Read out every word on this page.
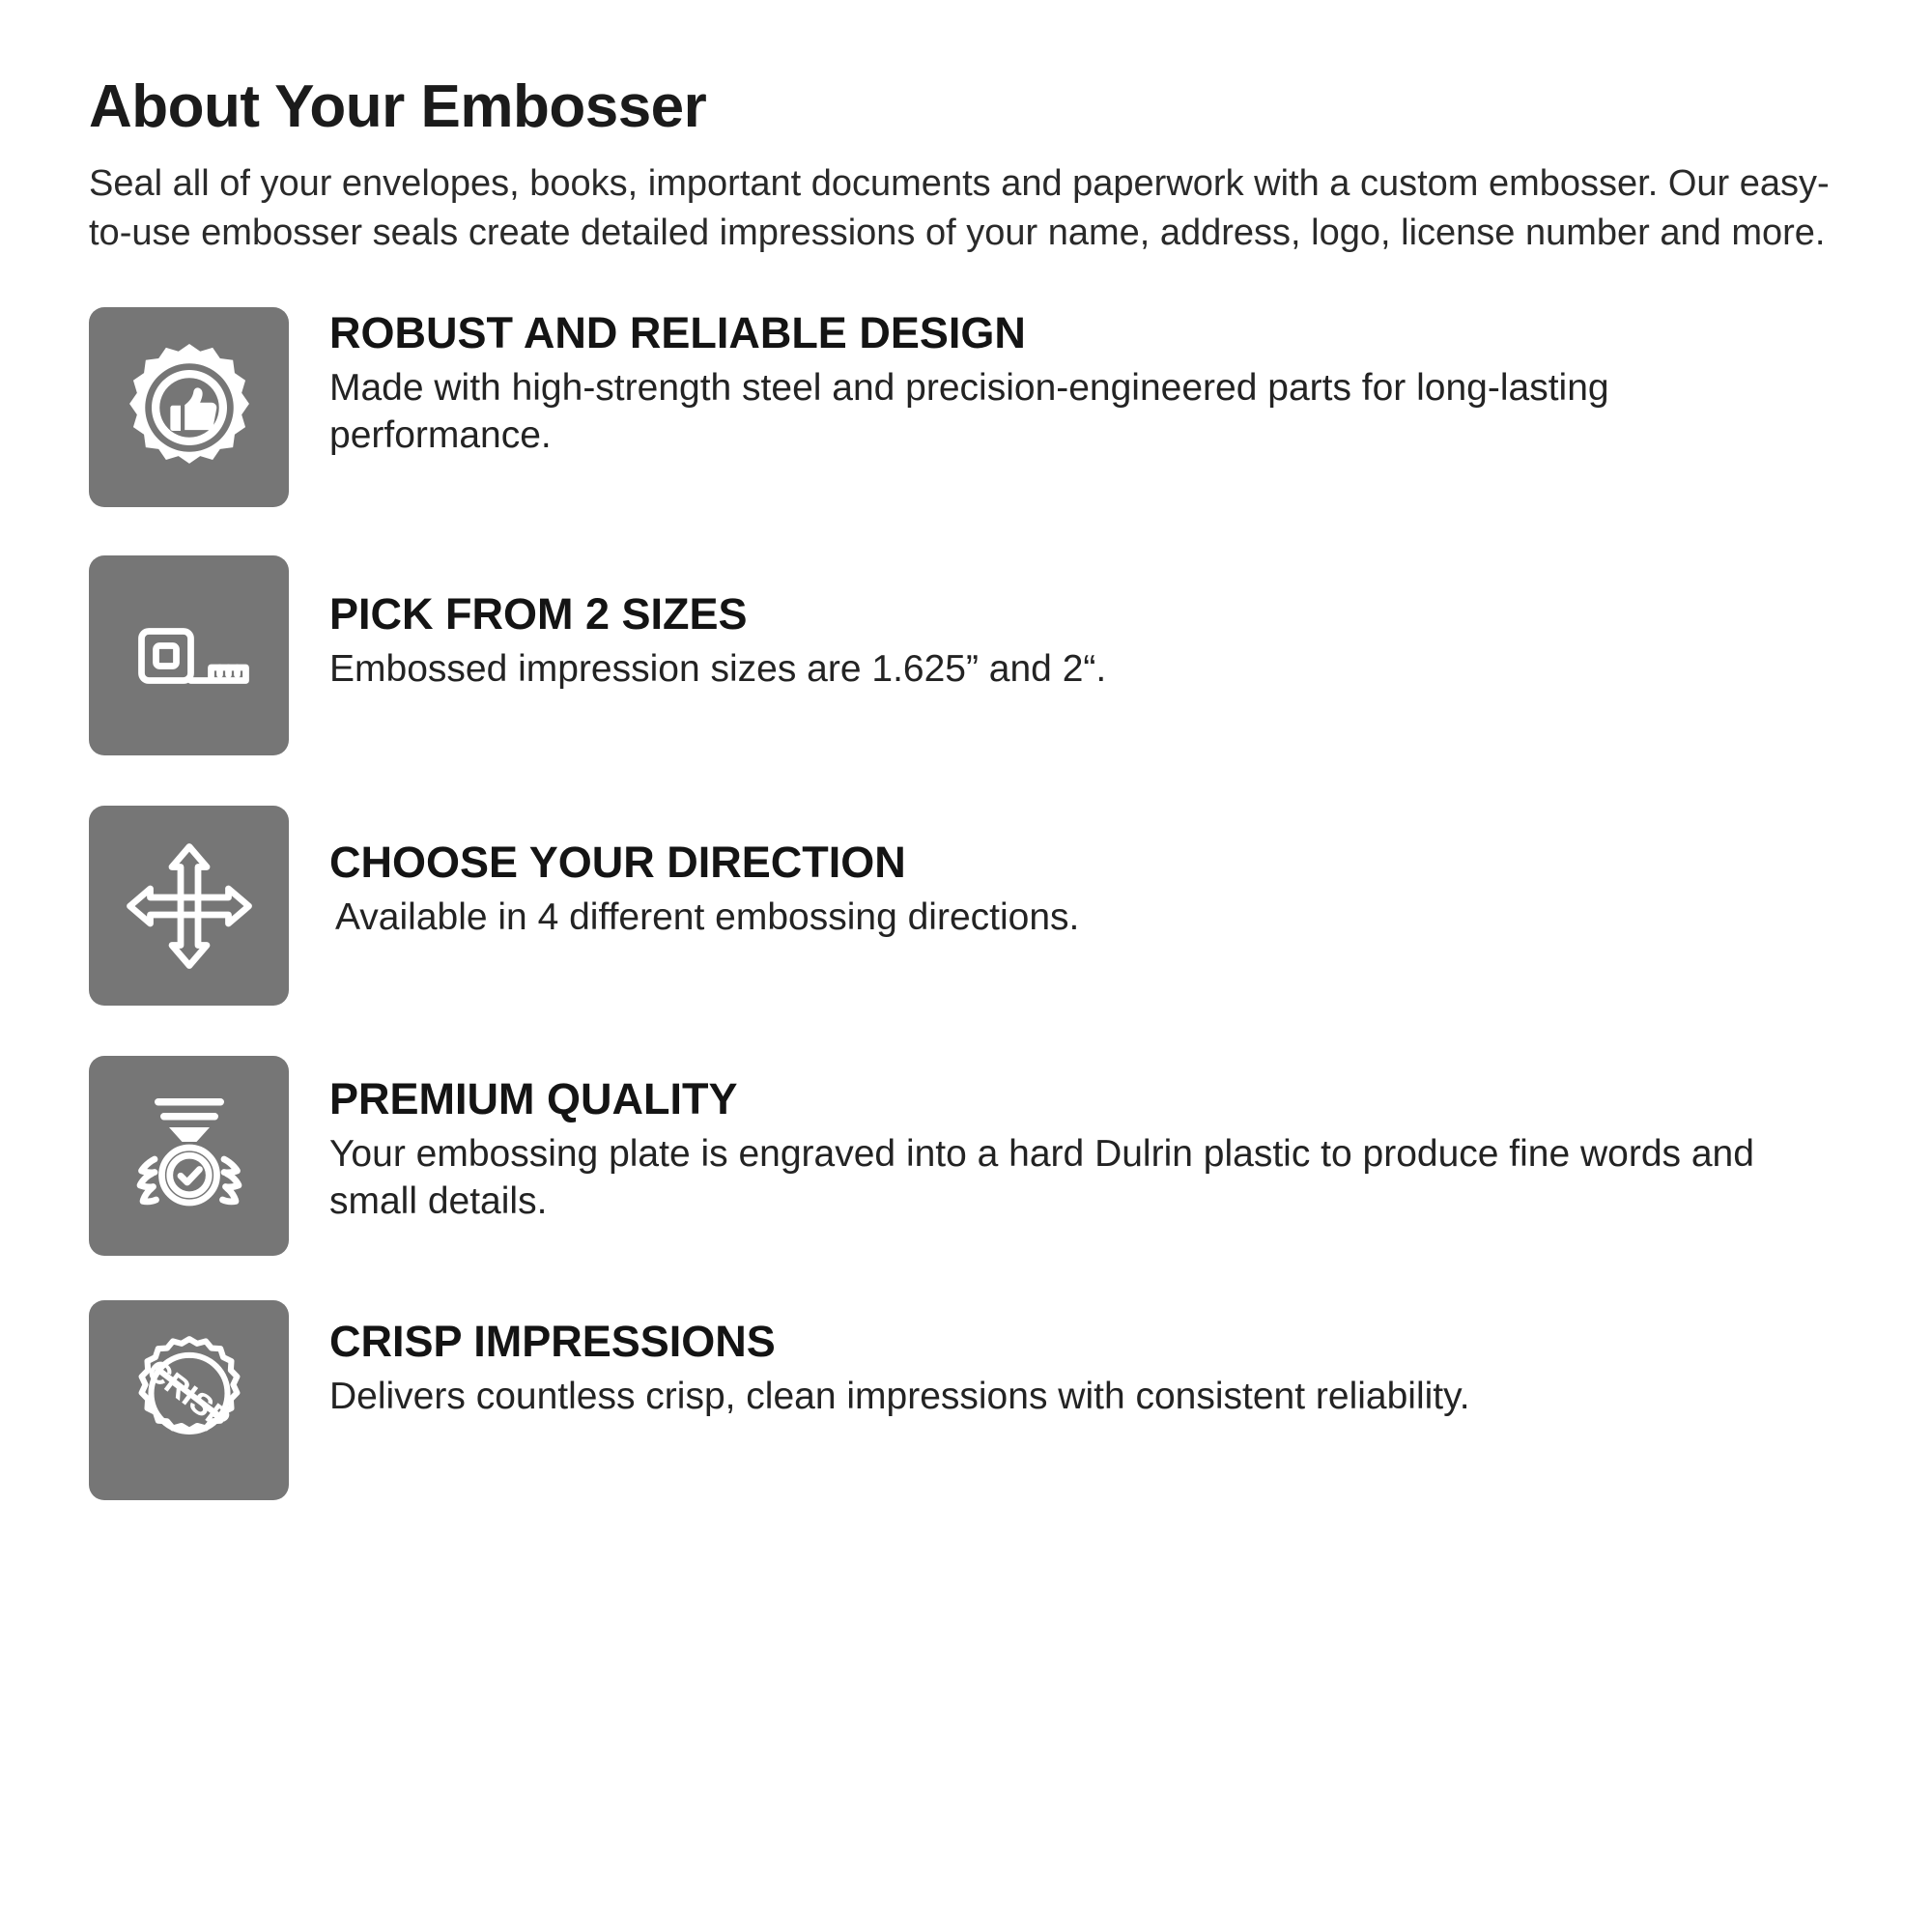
About Your Embosser

Seal all of your envelopes, books, important documents and paperwork with a custom embosser. Our easy-to-use embosser seals create detailed impressions of your name, address, logo, license number and more.

ROBUST AND RELIABLE DESIGN

Made with high-strength steel and precision-engineered parts for long-lasting performance.

PICK FROM 2 SIZES

Embossed impression sizes are 1.625” and 2“.

CHOOSE YOUR DIRECTION

Available in 4 different embossing directions.

PREMIUM QUALITY

Your embossing plate is engraved into a hard Dulrin plastic to produce fine words and small details.

CRISP
CRISP IMPRESSIONS

Delivers countless crisp, clean impressions with consistent reliability.
